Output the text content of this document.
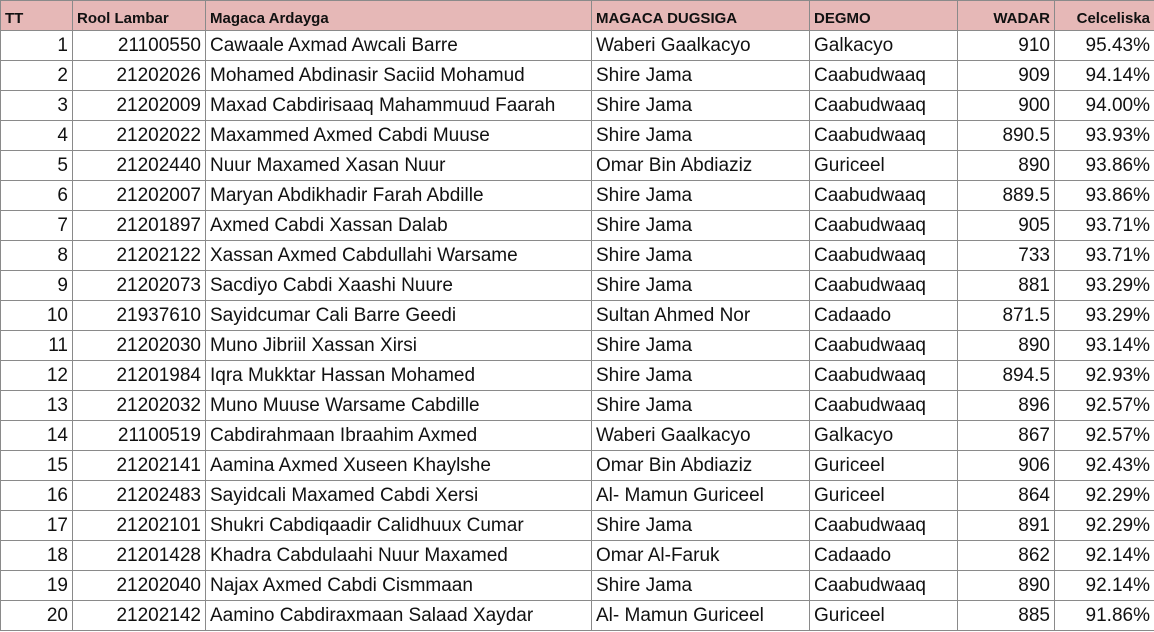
TT	Rool Lambar	Magaca Ardayga	MAGACA DUGSIGA	DEGMO	WADAR	Celceliska
1	21100550	Cawaale Axmad Awcali Barre	Waberi Gaalkacyo	Galkacyo	910	95.43%
2	21202026	Mohamed Abdinasir Saciid Mohamud	Shire Jama	Caabudwaaq	909	94.14%
3	21202009	Maxad Cabdirisaaq Mahammuud Faarah	Shire Jama	Caabudwaaq	900	94.00%
4	21202022	Maxammed Axmed Cabdi Muuse	Shire Jama	Caabudwaaq	890.5	93.93%
5	21202440	Nuur Maxamed Xasan Nuur	Omar Bin Abdiaziz	Guriceel	890	93.86%
6	21202007	Maryan Abdikhadir Farah Abdille	Shire Jama	Caabudwaaq	889.5	93.86%
7	21201897	Axmed Cabdi Xassan Dalab	Shire Jama	Caabudwaaq	905	93.71%
8	21202122	Xassan Axmed Cabdullahi Warsame	Shire Jama	Caabudwaaq	733	93.71%
9	21202073	Sacdiyo Cabdi Xaashi Nuure	Shire Jama	Caabudwaaq	881	93.29%
10	21937610	Sayidcumar Cali Barre Geedi	Sultan Ahmed Nor	Cadaado	871.5	93.29%
11	21202030	Muno Jibriil Xassan Xirsi	Shire Jama	Caabudwaaq	890	93.14%
12	21201984	Iqra Mukktar Hassan Mohamed	Shire Jama	Caabudwaaq	894.5	92.93%
13	21202032	Muno Muuse Warsame Cabdille	Shire Jama	Caabudwaaq	896	92.57%
14	21100519	Cabdirahmaan Ibraahim Axmed	Waberi Gaalkacyo	Galkacyo	867	92.57%
15	21202141	Aamina Axmed Xuseen Khaylshe	Omar Bin Abdiaziz	Guriceel	906	92.43%
16	21202483	Sayidcali Maxamed Cabdi Xersi	Al- Mamun Guriceel	Guriceel	864	92.29%
17	21202101	Shukri Cabdiqaadir Calidhuux Cumar	Shire Jama	Caabudwaaq	891	92.29%
18	21201428	Khadra Cabdulaahi Nuur Maxamed	Omar Al-Faruk	Cadaado	862	92.14%
19	21202040	Najax Axmed Cabdi Cismmaan	Shire Jama	Caabudwaaq	890	92.14%
20	21202142	Aamino Cabdiraxmaan Salaad Xaydar	Al- Mamun Guriceel	Guriceel	885	91.86%
